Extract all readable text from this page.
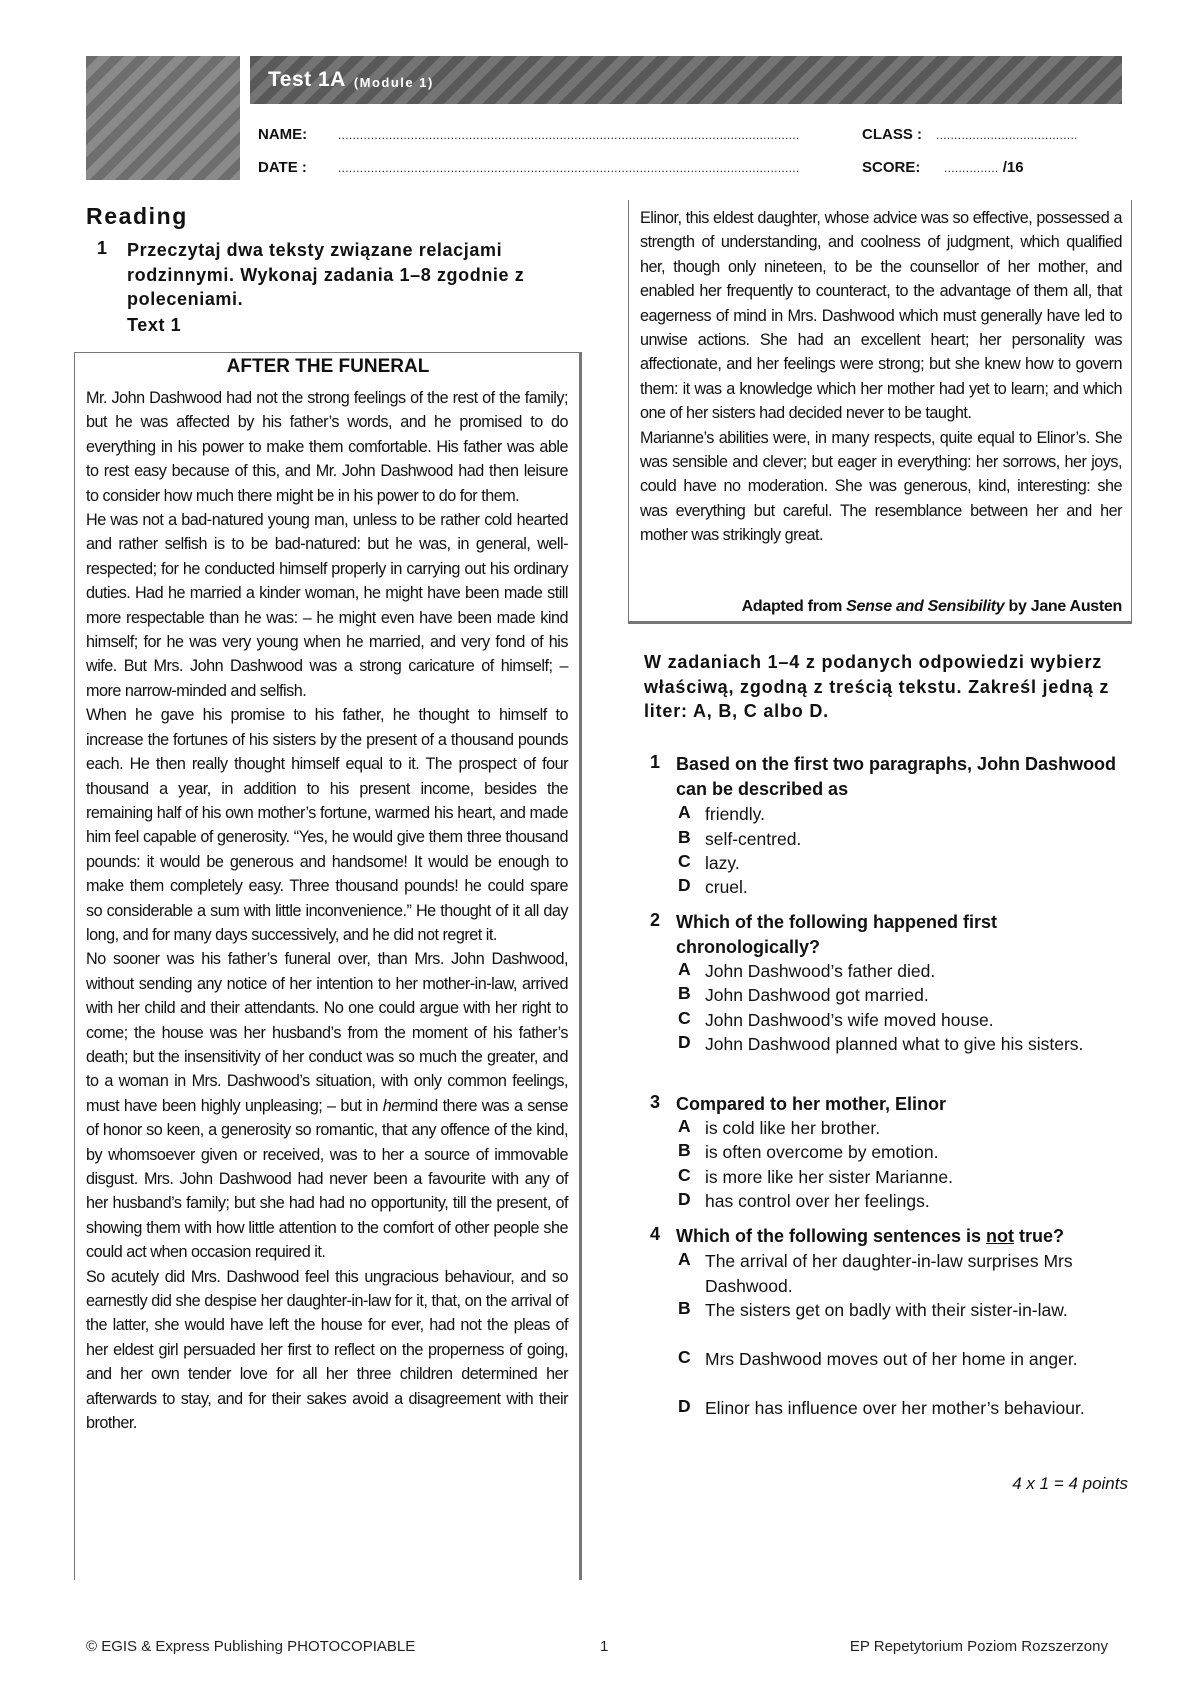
Test 1A (Module 1)
NAME:	...............................................................................................................................	CLASS : .......................................
DATE :	...............................................................................................................................	SCORE: ............... /16
Reading
1 Przeczytaj dwa teksty związane relacjami rodzinnymi. Wykonaj zadania 1–8 zgodnie z poleceniami.
Text 1
AFTER THE FUNERAL

Mr. John Dashwood had not the strong feelings of the rest of the family; but he was affected by his father’s words, and he promised to do everything in his power to make them comfortable. His father was able to rest easy because of this, and Mr. John Dashwood had then leisure to consider how much there might be in his power to do for them.

He was not a bad-natured young man, unless to be rather cold hearted and rather selfish is to be bad-natured: but he was, in general, well-respected; for he conducted himself properly in carrying out his ordinary duties. Had he married a kinder woman, he might have been made still more respectable than he was: – he might even have been made kind himself; for he was very young when he married, and very fond of his wife. But Mrs. John Dashwood was a strong caricature of himself; – more narrow-minded and selfish.

When he gave his promise to his father, he thought to himself to increase the fortunes of his sisters by the present of a thousand pounds each. He then really thought himself equal to it. The prospect of four thousand a year, in addition to his present income, besides the remaining half of his own mother’s fortune, warmed his heart, and made him feel capable of generosity. “Yes, he would give them three thousand pounds: it would be generous and handsome! It would be enough to make them completely easy. Three thousand pounds! he could spare so considerable a sum with little inconvenience.” He thought of it all day long, and for many days successively, and he did not regret it.

No sooner was his father’s funeral over, than Mrs. John Dashwood, without sending any notice of her intention to her mother-in-law, arrived with her child and their attendants. No one could argue with her right to come; the house was her husband’s from the moment of his father’s death; but the insensitivity of her conduct was so much the greater, and to a woman in Mrs. Dashwood’s situation, with only common feelings, must have been highly unpleasing; – but in hermind there was a sense of honor so keen, a generosity so romantic, that any offence of the kind, by whomsoever given or received, was to her a source of immovable disgust. Mrs. John Dashwood had never been a favourite with any of her husband’s family; but she had had no opportunity, till the present, of showing them with how little attention to the comfort of other people she could act when occasion required it.

So acutely did Mrs. Dashwood feel this ungracious behaviour, and so earnestly did she despise her daughter-in-law for it, that, on the arrival of the latter, she would have left the house for ever, had not the pleas of her eldest girl persuaded her first to reflect on the properness of going, and her own tender love for all her three children determined her afterwards to stay, and for their sakes avoid a disagreement with their brother.

Elinor, this eldest daughter, whose advice was so effective, possessed a strength of understanding, and coolness of judgment, which qualified her, though only nineteen, to be the counsellor of her mother, and enabled her frequently to counteract, to the advantage of them all, that eagerness of mind in Mrs. Dashwood which must generally have led to unwise actions. She had an excellent heart; her personality was affectionate, and her feelings were strong; but she knew how to govern them: it was a knowledge which her mother had yet to learn; and which one of her sisters had decided never to be taught.

Marianne’s abilities were, in many respects, quite equal to Elinor’s. She was sensible and clever; but eager in everything: her sorrows, her joys, could have no moderation. She was generous, kind, interesting: she was everything but careful. The resemblance between her and her mother was strikingly great.

Adapted from Sense and Sensibility by Jane Austen
W zadaniach 1–4 z podanych odpowiedzi wybierz właściwą, zgodną z treścią tekstu. Zakreśl jedną z liter: A, B, C albo D.
1 Based on the first two paragraphs, John Dashwood can be described as
A friendly.
B self-centred.
C lazy.
D cruel.
2 Which of the following happened first chronologically?
A John Dashwood’s father died.
B John Dashwood got married.
C John Dashwood’s wife moved house.
D John Dashwood planned what to give his sisters.
3 Compared to her mother, Elinor
A is cold like her brother.
B is often overcome by emotion.
C is more like her sister Marianne.
D has control over her feelings.
4 Which of the following sentences is not true?
A The arrival of her daughter-in-law surprises Mrs Dashwood.
B The sisters get on badly with their sister-in-law.
C Mrs Dashwood moves out of her home in anger.
D Elinor has influence over her mother’s behaviour.
4 x 1 = 4 points
© EGIS & Express Publishing PHOTOCOPIABLE	1	EP Repetytorium Poziom Rozszerzony
